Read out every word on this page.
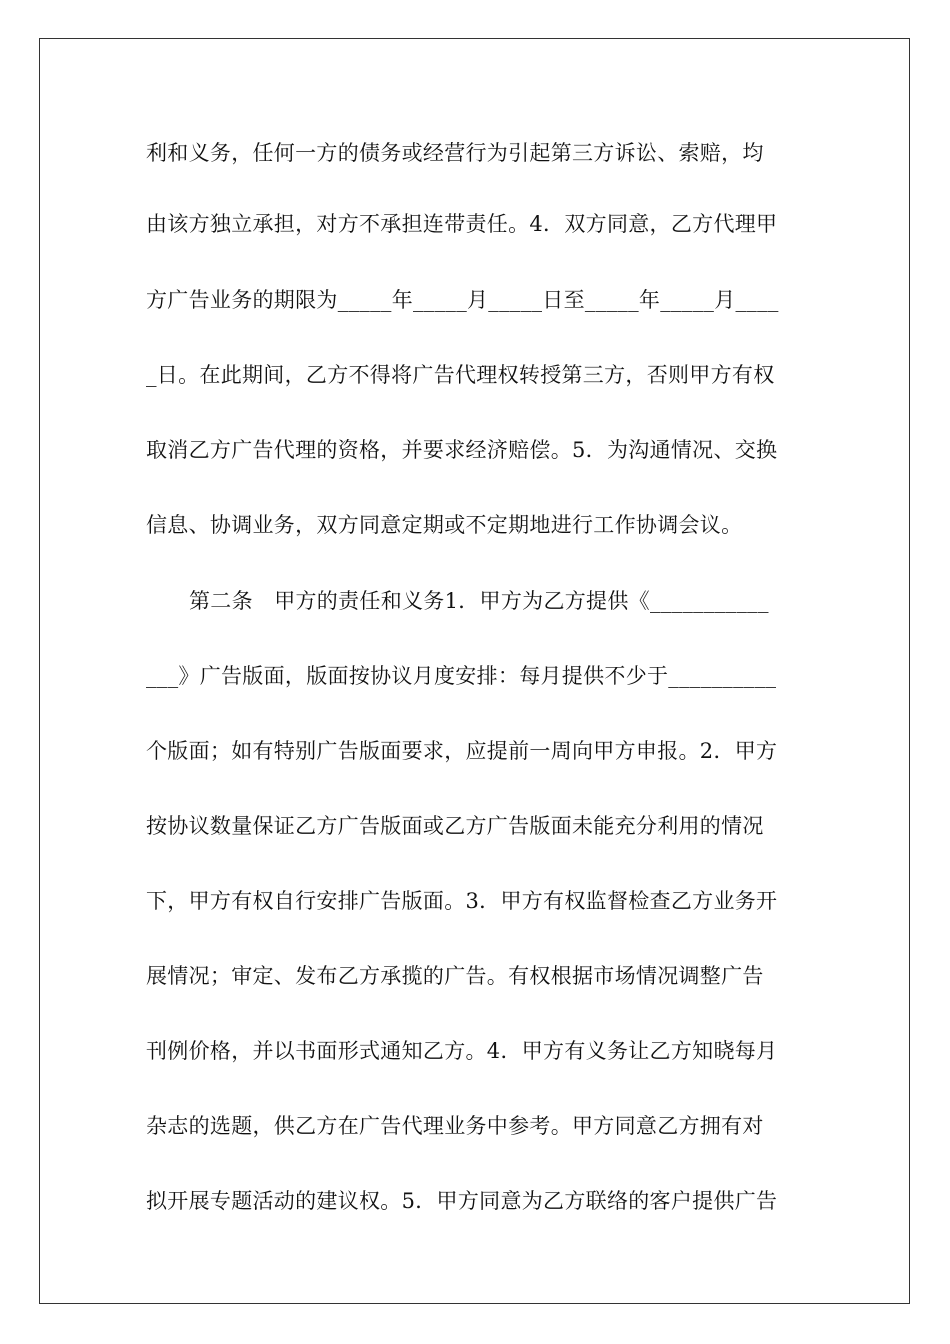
利和义务，任何一方的债务或经营行为引起第三方诉讼、索赔，均
由该方独立承担，对方不承担连带责任。4．双方同意，乙方代理甲
方广告业务的期限为_____年_____月_____日至_____年_____月____
_日。在此期间，乙方不得将广告代理权转授第三方，否则甲方有权
取消乙方广告代理的资格，并要求经济赔偿。5．为沟通情况、交换
信息、协调业务，双方同意定期或不定期地进行工作协调会议。
第二条　甲方的责任和义务1．甲方为乙方提供《___________
___》广告版面，版面按协议月度安排：每月提供不少于__________
个版面；如有特别广告版面要求，应提前一周向甲方申报。2．甲方
按协议数量保证乙方广告版面或乙方广告版面未能充分利用的情况
下，甲方有权自行安排广告版面。3．甲方有权监督检查乙方业务开
展情况；审定、发布乙方承揽的广告。有权根据市场情况调整广告
刊例价格，并以书面形式通知乙方。4．甲方有义务让乙方知晓每月
杂志的选题，供乙方在广告代理业务中参考。甲方同意乙方拥有对
拟开展专题活动的建议权。5．甲方同意为乙方联络的客户提供广告
